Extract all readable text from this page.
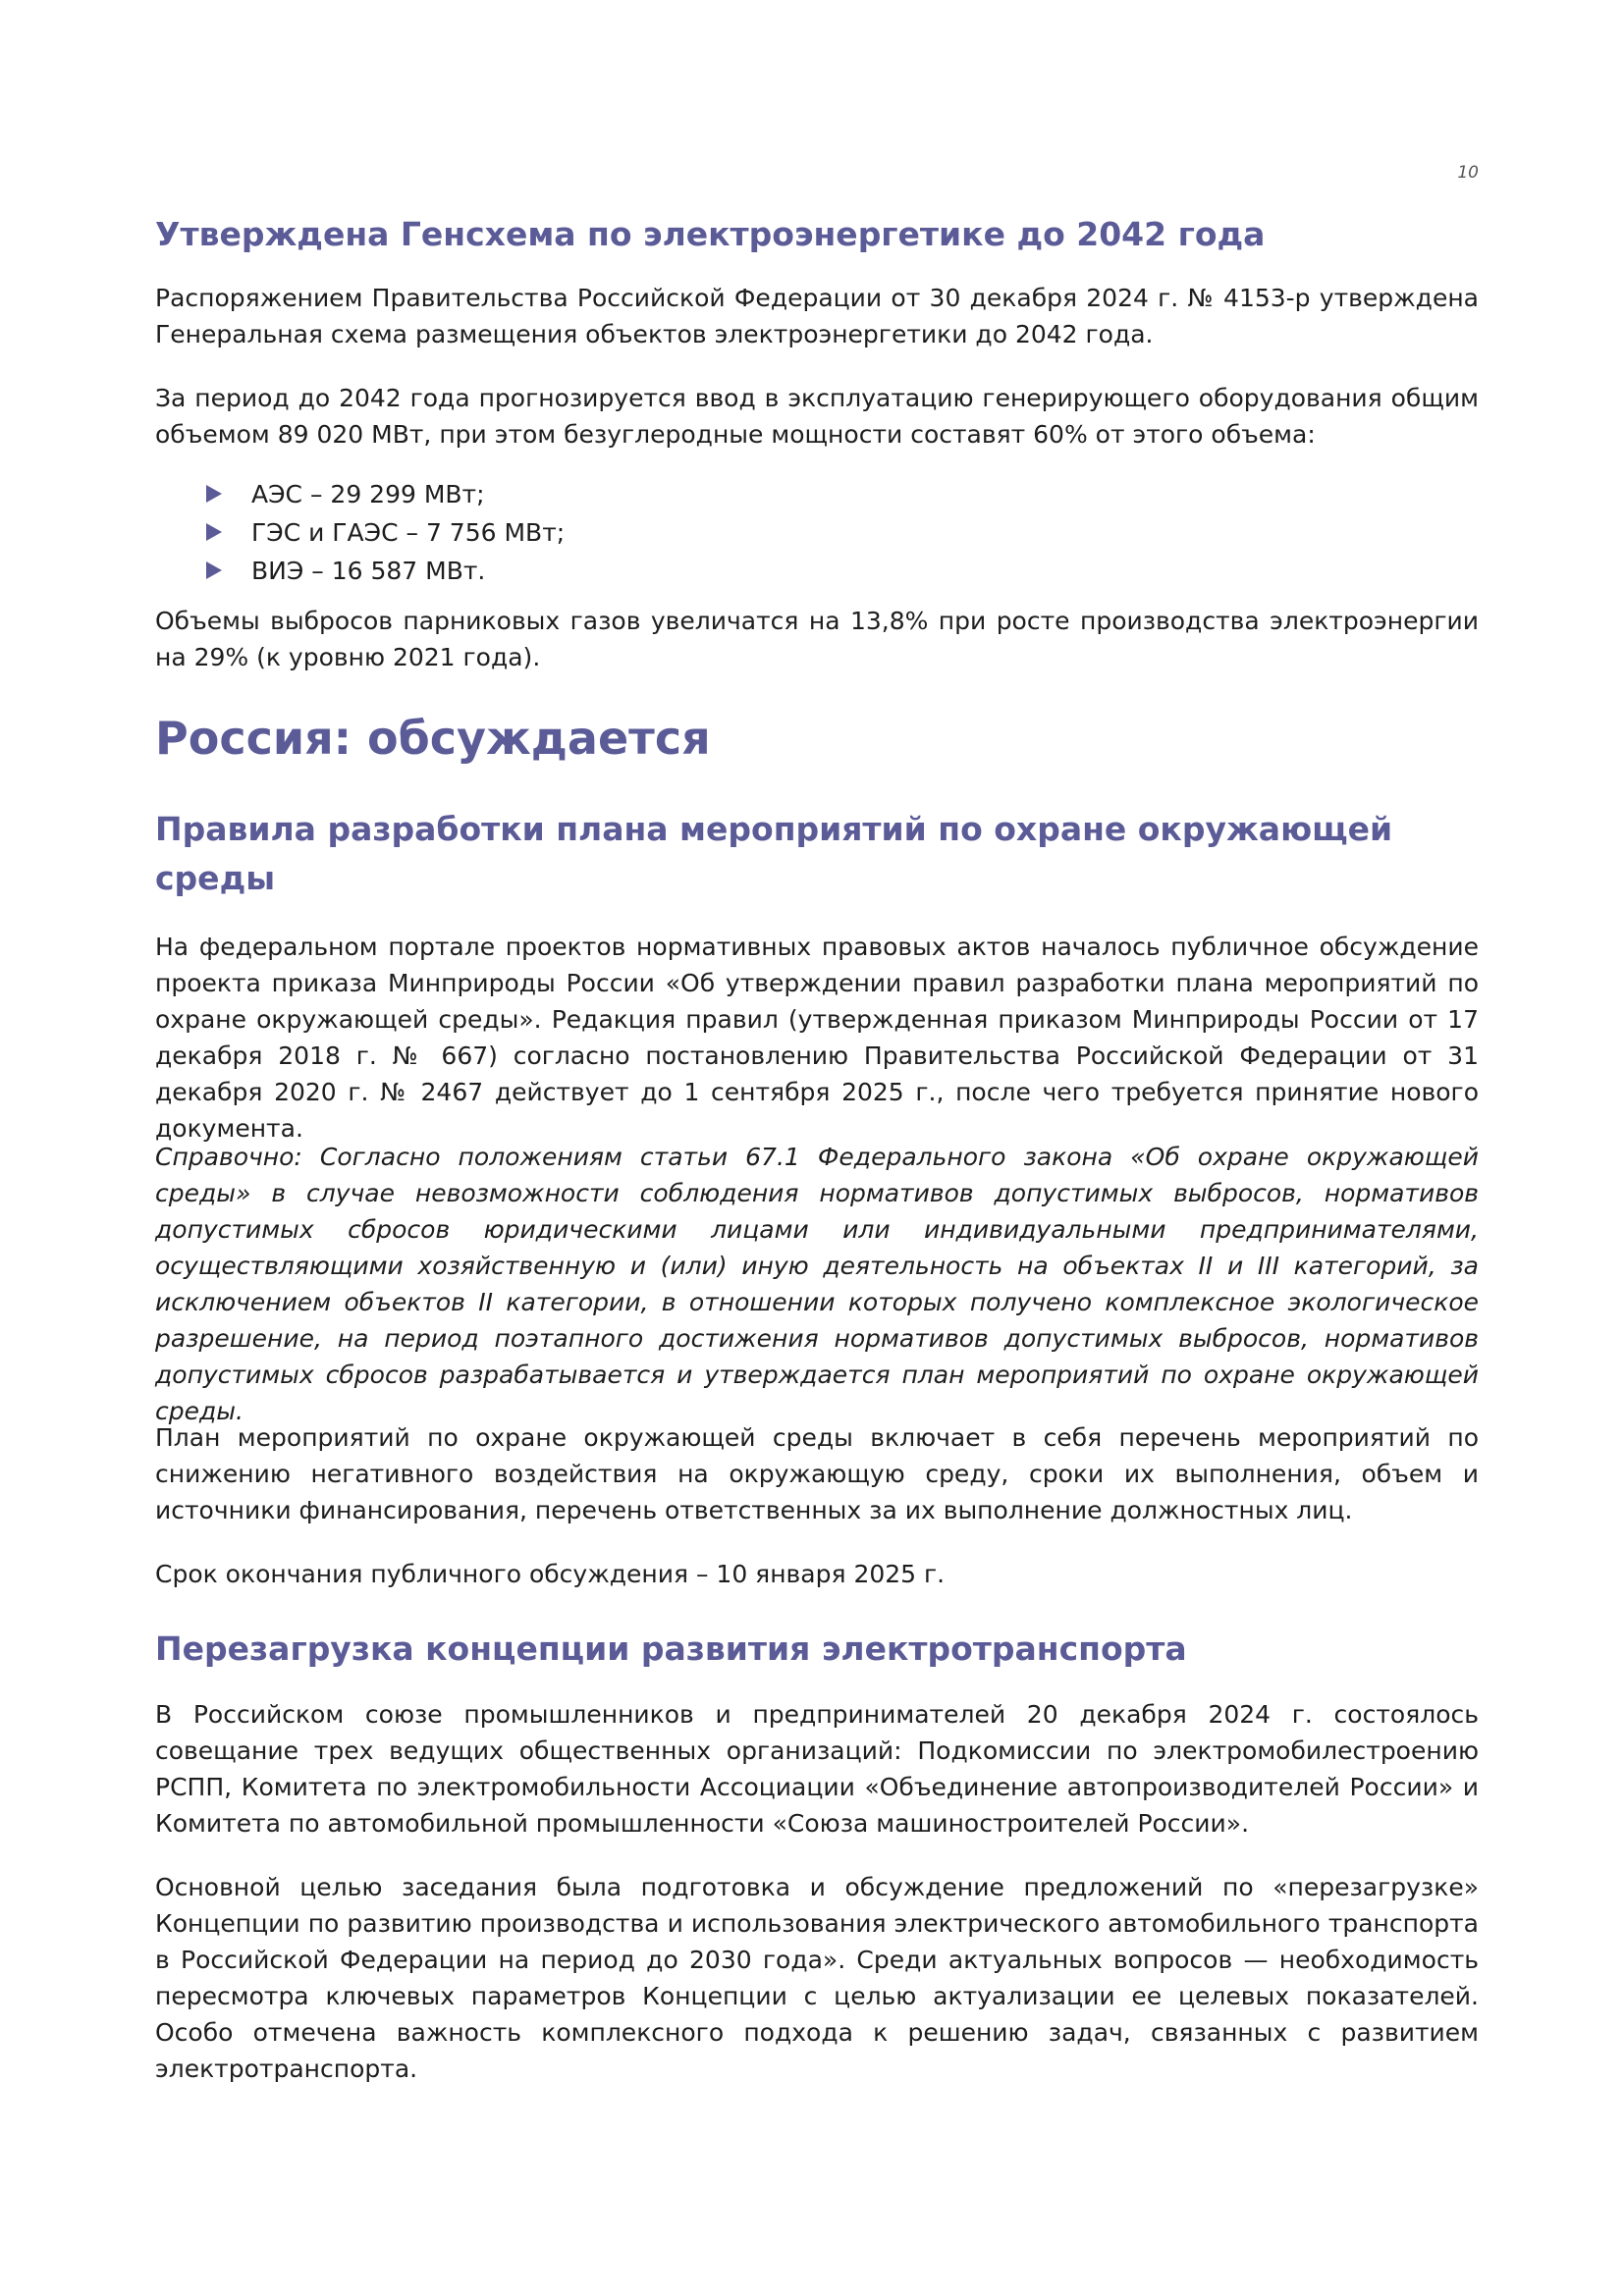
10
Утверждена Генсхема по электроэнергетике до 2042 года

Распоряжением Правительства Российской Федерации от 30 декабря 2024 г. № 4153-р утверждена Генеральная схема размещения объектов электроэнергетики до 2042 года.

За период до 2042 года прогнозируется ввод в эксплуатацию генерирующего оборудования общим объемом 89 020 МВт, при этом безуглеродные мощности составят 60% от этого объема:

АЭС – 29 299 МВт;
ГЭС и ГАЭС – 7 756 МВт;
ВИЭ – 16 587 МВт.

Объемы выбросов парниковых газов увеличатся на 13,8% при росте производства электроэнергии на 29% (к уровню 2021 года).

Россия: обсуждается
Правила разработки плана мероприятий по охране окружающей среды

На федеральном портале проектов нормативных правовых актов началось публичное обсуждение проекта приказа Минприроды России «Об утверждении правил разработки плана мероприятий по охране окружающей среды». Редакция правил (утвержденная приказом Минприроды России от 17 декабря 2018 г. № 667) согласно постановлению Правительства Российской Федерации от 31 декабря 2020 г. № 2467 действует до 1 сентября 2025 г., после чего требуется принятие нового документа.

Справочно: Согласно положениям статьи 67.1 Федерального закона «Об охране окружающей среды» в случае невозможности соблюдения нормативов допустимых выбросов, нормативов допустимых сбросов юридическими лицами или индивидуальными предпринимателями, осуществляющими хозяйственную и (или) иную деятельность на объектах II и III категорий, за исключением объектов II категории, в отношении которых получено комплексное экологическое разрешение, на период поэтапного достижения нормативов допустимых выбросов, нормативов допустимых сбросов разрабатывается и утверждается план мероприятий по охране окружающей среды.

План мероприятий по охране окружающей среды включает в себя перечень мероприятий по снижению негативного воздействия на окружающую среду, сроки их выполнения, объем и источники финансирования, перечень ответственных за их выполнение должностных лиц.

Срок окончания публичного обсуждения – 10 января 2025 г.

Перезагрузка концепции развития электротранспорта

В Российском союзе промышленников и предпринимателей 20 декабря 2024 г. состоялось совещание трех ведущих общественных организаций: Подкомиссии по электромобилестроению РСПП, Комитета по электромобильности Ассоциации «Объединение автопроизводителей России» и Комитета по автомобильной промышленности «Союза машиностроителей России».

Основной целью заседания была подготовка и обсуждение предложений по «перезагрузке» Концепции по развитию производства и использования электрического автомобильного транспорта в Российской Федерации на период до 2030 года». Среди актуальных вопросов — необходимость пересмотра ключевых параметров Концепции с целью актуализации ее целевых показателей. Особо отмечена важность комплексного подхода к решению задач, связанных с развитием электротранспорта.
